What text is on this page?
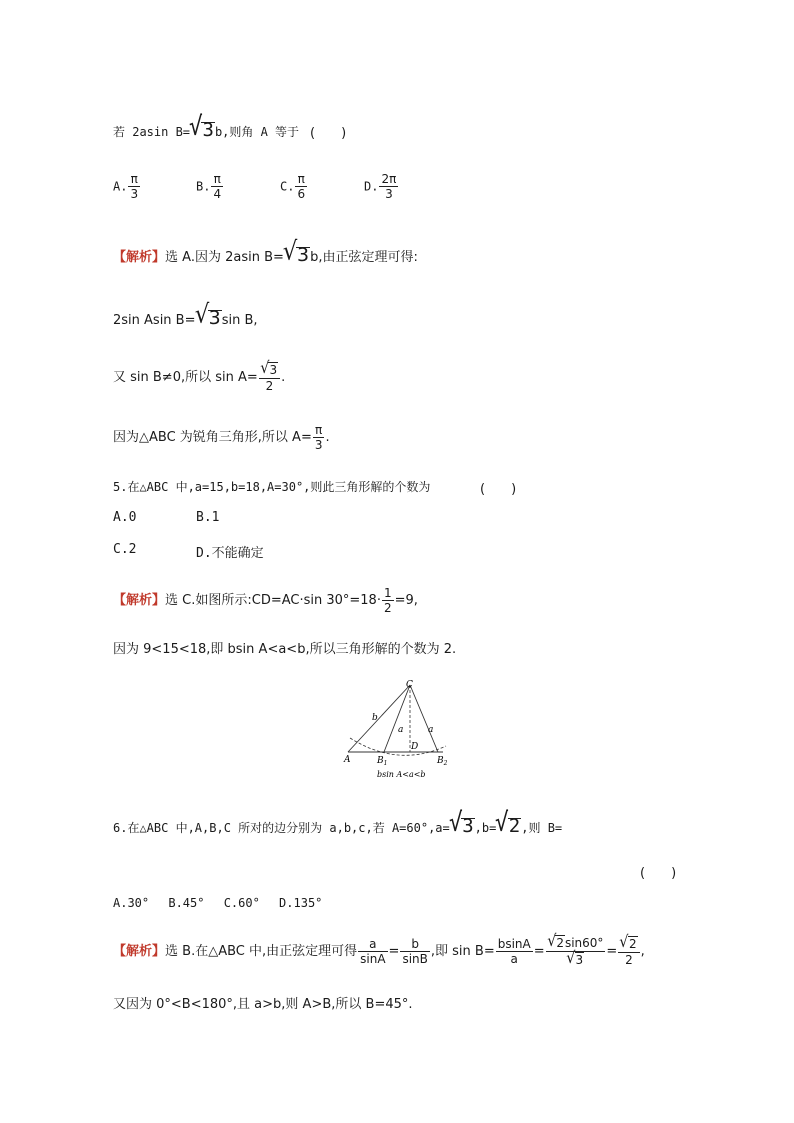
若 2asin B=√3b,则角 A 等于 (　　)
A. $\frac{\pi}{3}$	B. $\frac{\pi}{4}$	C. $\frac{\pi}{6}$	D. $\frac{2\pi}{3}$
【解析】选 A.因为 2asin B=√3b,由正弦定理可得:
2sin Asin B=√3sin B,
又 sin B≠0,所以 $\sin A= \frac{√3}{2}$ .
因为△ABC 为锐角三角形,所以 $A= \frac{\pi}{3}$ .
5.在△ABC 中,a=15,b=18,A=30°,则此三角形解的个数为	(　　)
A.0	B.1
C.2	D.不能确定
【解析】选 C.如图所示:CD=AC·sin $30^\circ=18\cdot \frac{1}{2} =9$,
因为 9<15<18,即 bsin A<a<b,所以三角形解的个数为 2.
C
A	$B_1$
D
$B_2$
b
a	a
bsin A<a<b
6.在△ABC 中,A,B,C 所对的边分别为 a,b,c,若 A=60°,a=√3,b=√2,则 B=
(　　)
A.30°　 B.45°　 C.60°　 D.135°
【解析】选 B.在△ABC 中,由正弦定理可得 $\frac{a}{\sin A} = \frac{b}{\sin B}$ ,即 $\sin B= \frac{bsinA}{a} = \frac{√2\sin 60^\circ}{√3} = \frac{√2}{2}$ ,
又因为 0°<B<180°,且 a>b,则 A>B,所以 B=45°.
